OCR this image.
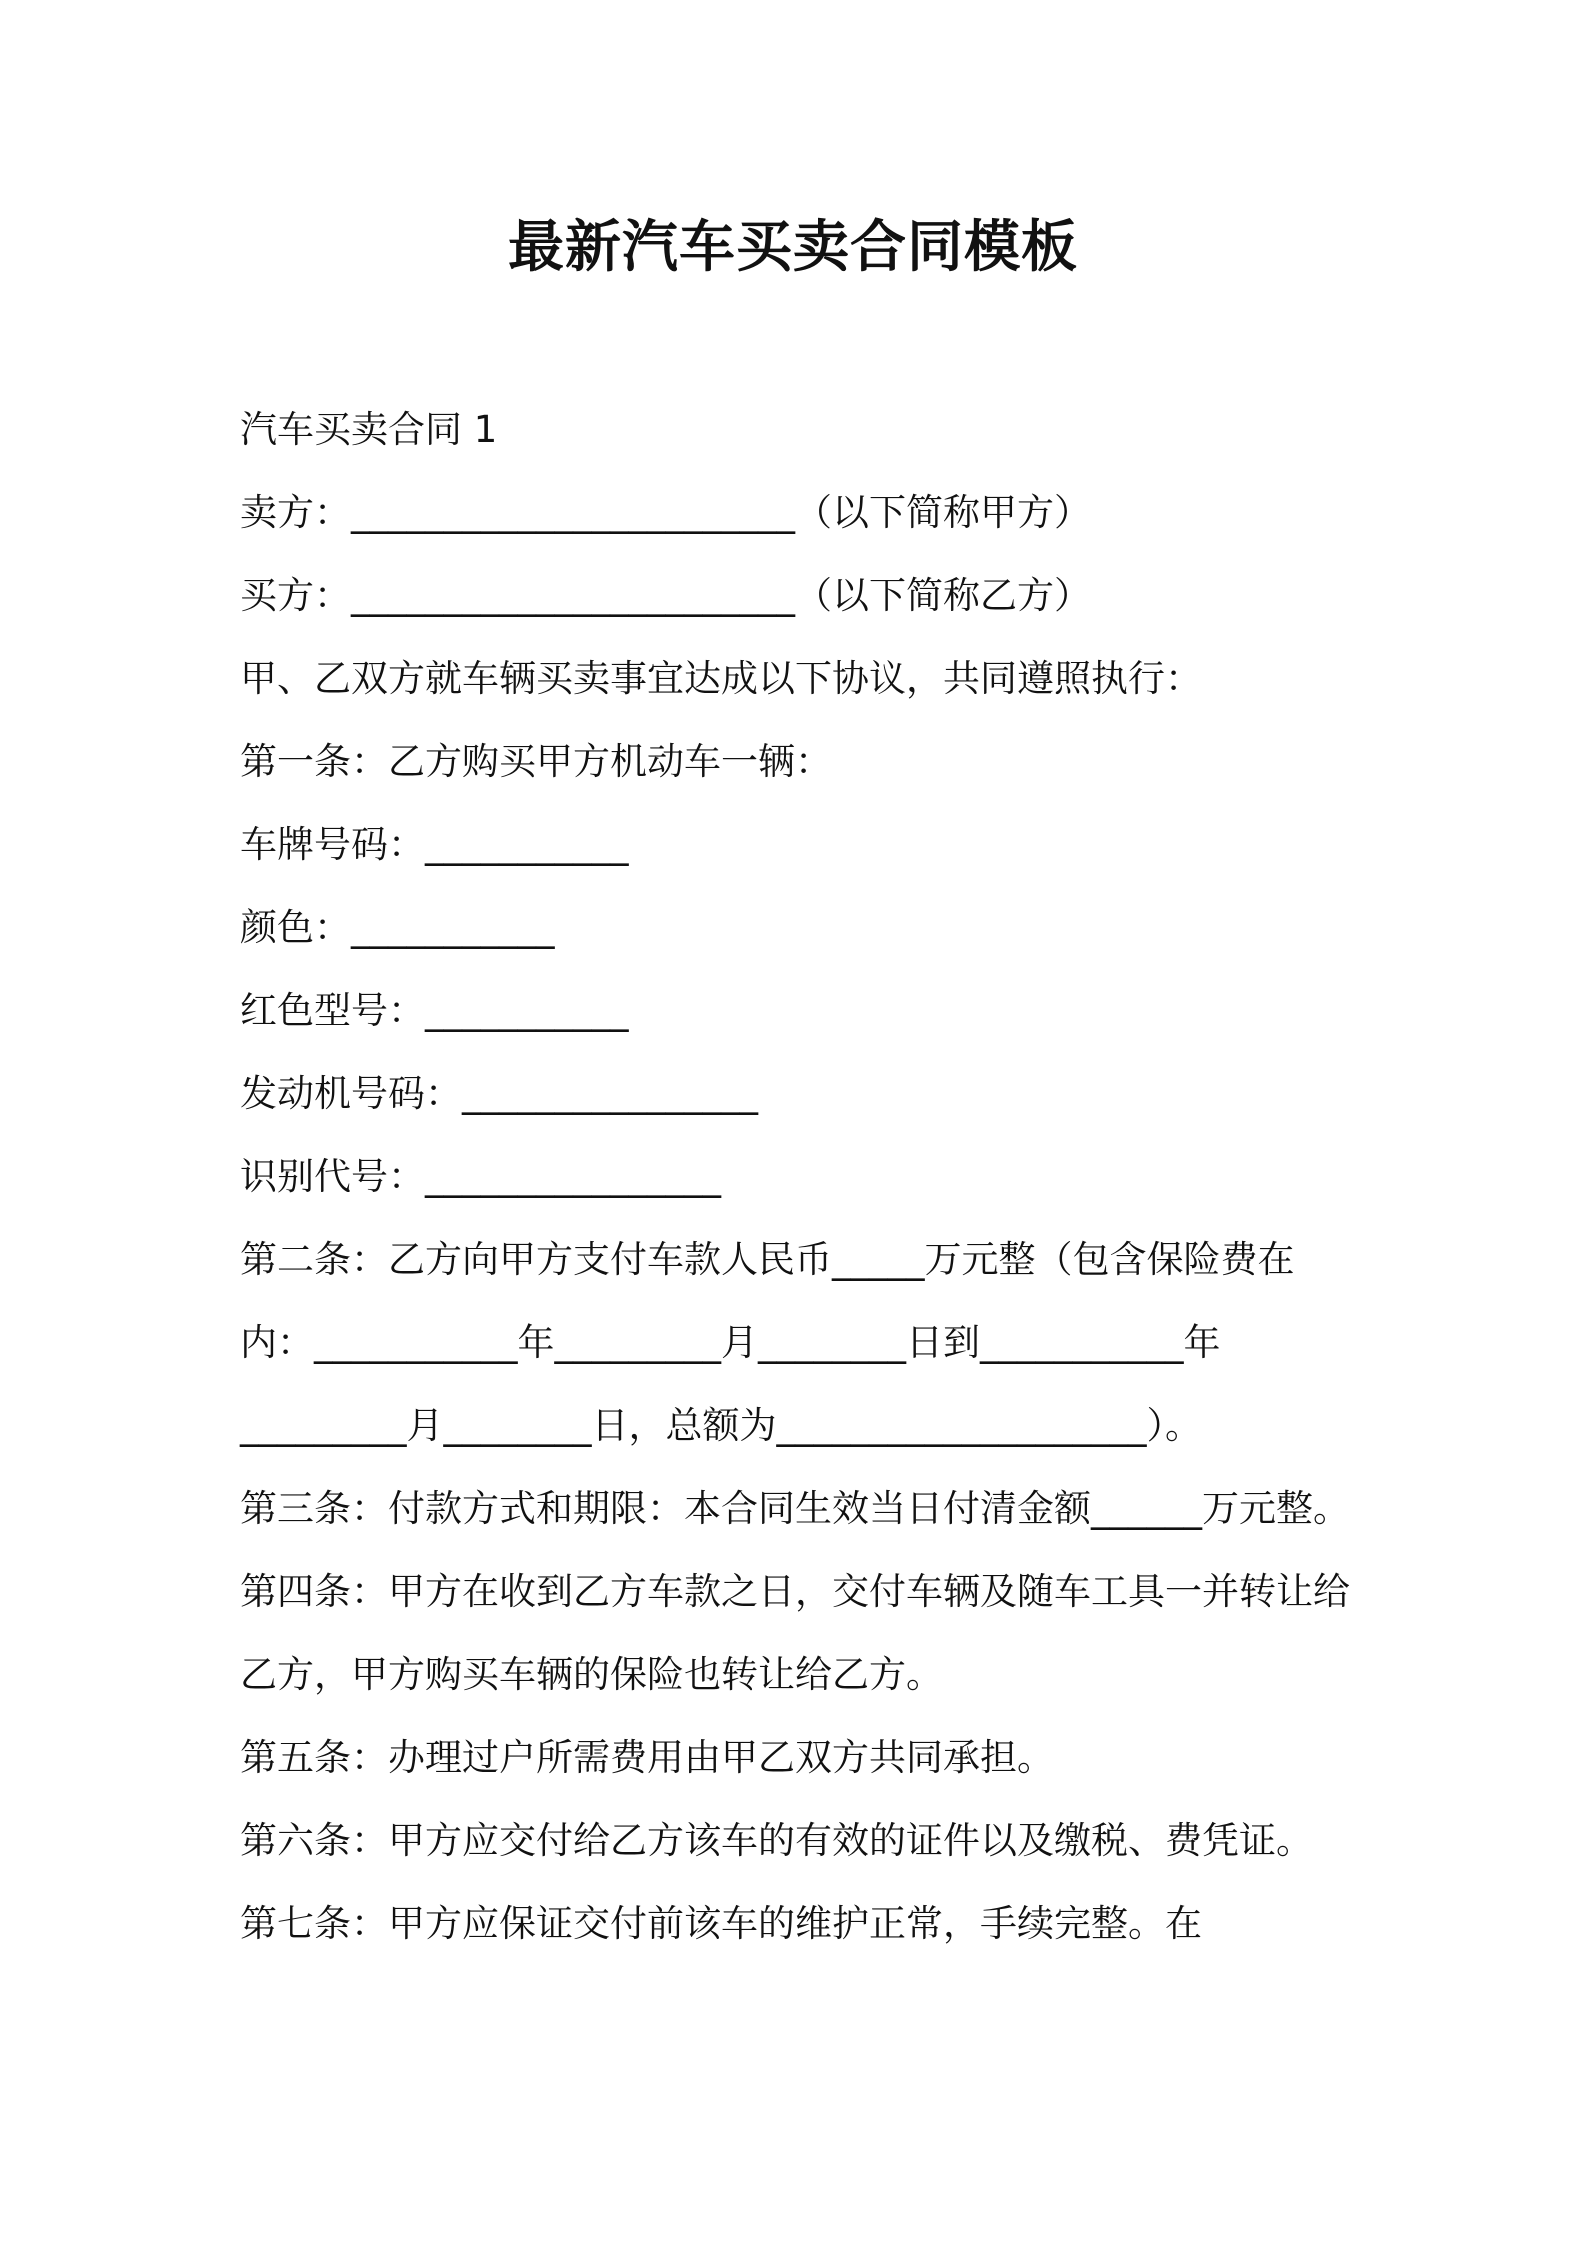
最新汽车买卖合同模板
汽车买卖合同 1
卖方：________________________（以下简称甲方）
买方：________________________（以下简称乙方）
甲、乙双方就车辆买卖事宜达成以下协议，共同遵照执行：
第一条：乙方购买甲方机动车一辆：
车牌号码：___________
颜色：___________
红色型号：___________
发动机号码：________________
识别代号：________________
第二条：乙方向甲方支付车款人民币_____万元整（包含保险费在
内：___________年_________月________日到___________年
_________月________日，总额为____________________）。
第三条：付款方式和期限：本合同生效当日付清金额______万元整。
第四条：甲方在收到乙方车款之日，交付车辆及随车工具一并转让给
乙方，甲方购买车辆的保险也转让给乙方。
第五条：办理过户所需费用由甲乙双方共同承担。
第六条：甲方应交付给乙方该车的有效的证件以及缴税、费凭证。
第七条：甲方应保证交付前该车的维护正常，手续完整。在
